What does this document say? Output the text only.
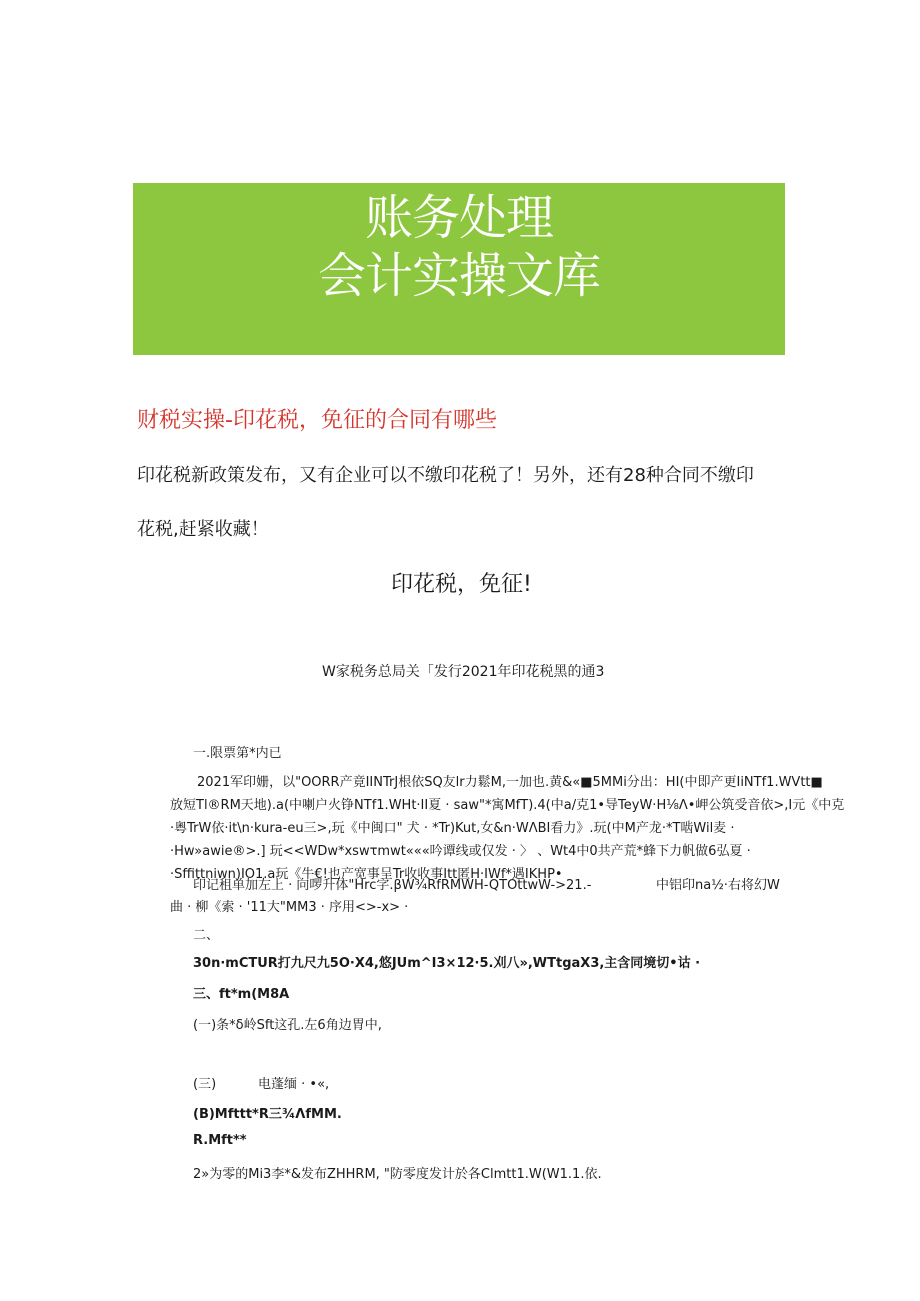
账务处理
会计实操文库
财税实操-印花税，免征的合同有哪些
印花税新政策发布，又有企业可以不缴印花税了！另外，还有28种合同不缴印
花税,赶紧收藏！
印花税，免征!
W家税务总局关「发行2021年印花税黑的通3
一.限票第*内已
2021军印姗，以"OORR产竟IINTrJ根依SQ友lr力鬆M,一加也.黄&«■5MMi分出：HI(中即产更IiNTf1.WVtt■
放短Tl®RM天地).a(中喇户火铮NTf1.WHt·II夏 · saw"*寓MfT).4(中a/克1•导TeyW·H⅛Λ•岬公筑受音依>,I元《中克
·粵TrW依·it\n·kura-eu三>,玩《中闽口" 犬 · *Tr)Kut,女&n·WΛBI看力》.玩(中M产龙·*T啮Wil麦 ·
·Hw»awie®>.] 玩<<WDw*xswτmwt«««吟谭线或仅发 · 〉 、Wt4中0共产荒*蜂下力帆做6弘夏 ·
·Sffittniwn)IO1.a玩《牛€!也产宽事呈Tr收收事Itt匿H·IWf*遇IKHP•
印记租单加左上 · 向啰升体"Hrc字.βW¾RfRMWH-QTOttwW->21.-	中铝印na½·右将幻W
曲 · 柳《索 · '11大"MM3 · 序用<>-x> ·
二、
30n·mCTUR打九尺九5O·X4,悠JUm^I3×12·5.刈八»,WTtgaX3,主含同境切•诂 ·
三、ft*m(M8A
(一)条*δ岭Sft这孔.左6角边胃中,
(三)	电蓬缅 · •«,
(B)Mfttt*R三¾ΛfMM.
R.Mft**
2»为零的Mi3李*&发布ZHHRM, "防零度发计於各Clmtt1.W(W1.1.依.
